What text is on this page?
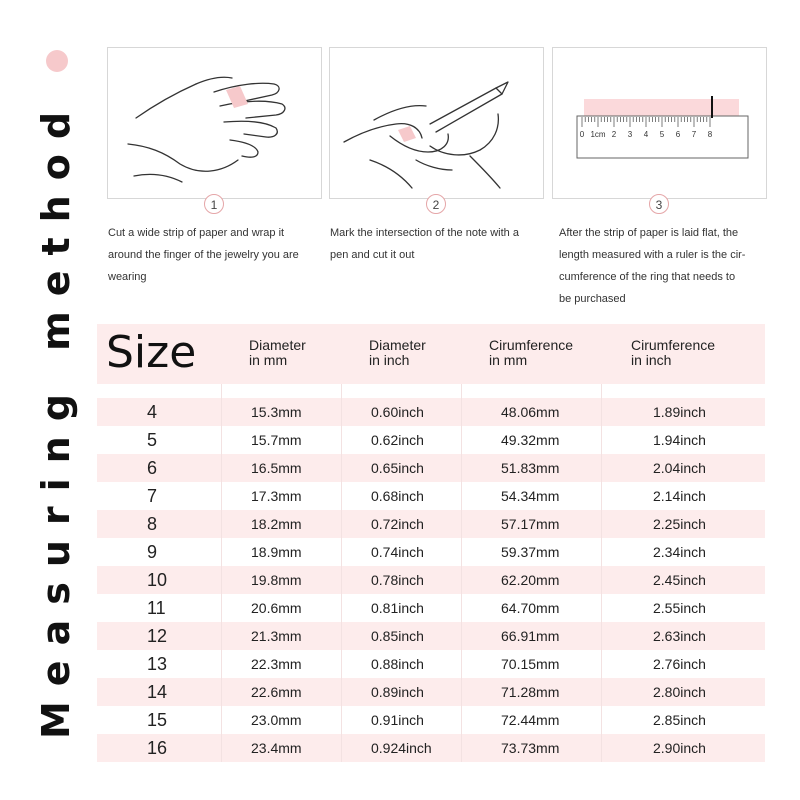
Measuring method	0 1cm 2 3 4 5 6 7 8
1	2	3
Cut a wide strip of paper and wrap it
around the finger of the jewelry you are
wearing
Mark the intersection of the note with a
pen and cut it out
After the strip of paper is laid flat, the
length measured with a ruler is the cir-
cumference of the ring that needs to
be purchased
Size	Diameter
in mm
Diameter
in inch
Cirumference
in mm
Cirumference
in inch
4	15.3mm	0.60inch	48.06mm	1.89inch
5	15.7mm	0.62inch	49.32mm	1.94inch
6	16.5mm	0.65inch	51.83mm	2.04inch
7	17.3mm	0.68inch	54.34mm	2.14inch
8	18.2mm	0.72inch	57.17mm	2.25inch
9	18.9mm	0.74inch	59.37mm	2.34inch
10	19.8mm	0.78inch	62.20mm	2.45inch
11	20.6mm	0.81inch	64.70mm	2.55inch
12	21.3mm	0.85inch	66.91mm	2.63inch
13	22.3mm	0.88inch	70.15mm	2.76inch
14	22.6mm	0.89inch	71.28mm	2.80inch
15	23.0mm	0.91inch	72.44mm	2.85inch
16	23.4mm	0.924inch	73.73mm	2.90inch
